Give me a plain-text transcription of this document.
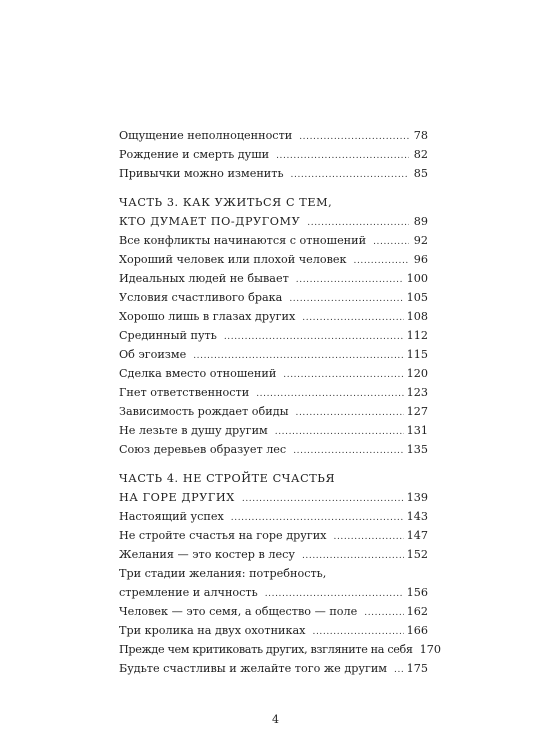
Ощущение неполноценности .....	78
Рождение и смерть души .....	82
Привычки можно изменить .....	85
ЧАСТЬ 3. КАК УЖИТЬСЯ С ТЕМ,
КТО ДУМАЕТ ПО-ДРУГОМУ .....	89
Все конфликты начинаются с отношений .....	92
Хороший человек или плохой человек .....	96
Идеальных людей не бывает .....	100
Условия счастливого брака .....	105
Хорошо лишь в глазах других .....	108
Срединный путь .....	112
Об эгоизме .....	115
Сделка вместо отношений .....	120
Гнет ответственности .....	123
Зависимость рождает обиды .....	127
Не лезьте в душу другим .....	131
Союз деревьев образует лес .....	135
ЧАСТЬ 4. НЕ СТРОЙТЕ СЧАСТЬЯ
НА ГОРЕ ДРУГИХ .....	139
Настоящий успех .....	143
Не стройте счастья на горе других .....	147
Желания — это костер в лесу .....	152
Три стадии желания: потребность,
стремление и алчность .....	156
Человек — это семя, а общество — поле .....	162
Три кролика на двух охотниках .....	166
Прежде чем критиковать других, взгляните на себя 170
Будьте счастливы и желайте того же другим ..... 175
4
